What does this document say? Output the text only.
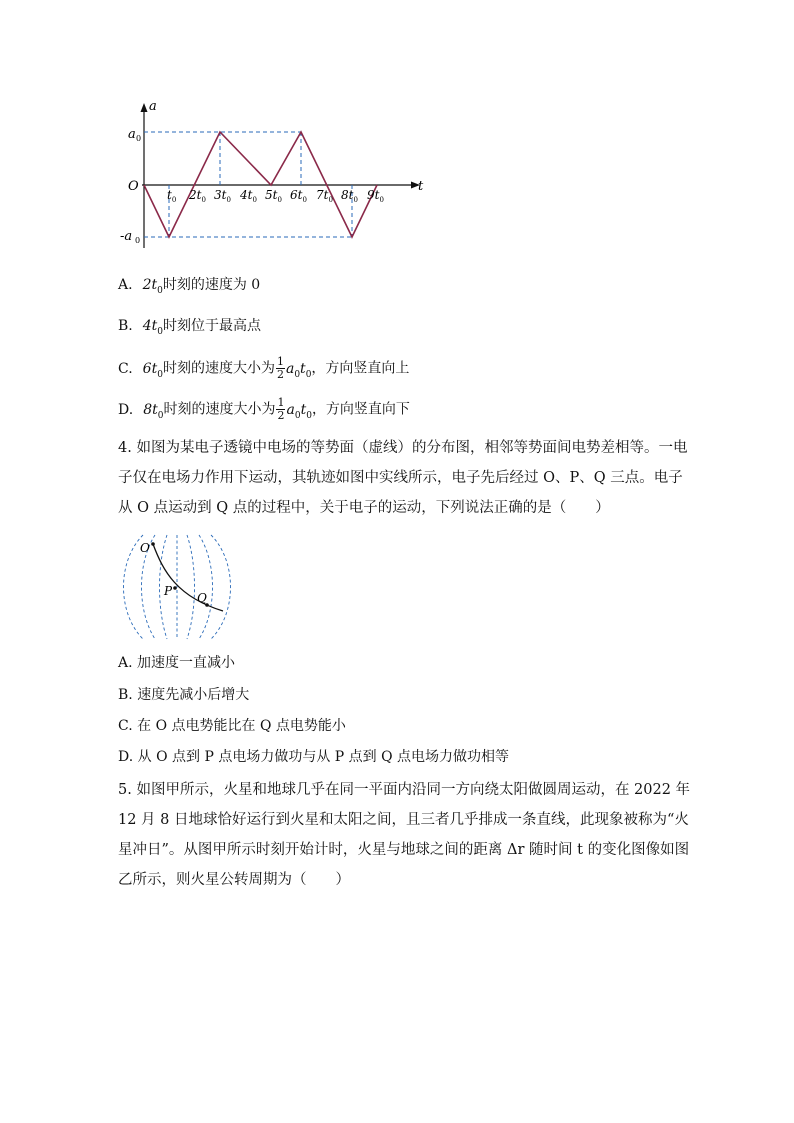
a
t
O
a 0
-a 0
$t_0$ $2t_0$ $3t_0$ $4t_0$ $5t_0$ $6t_0$ $7t_0$ $8t_0$ $9t_0$
A. $2t_0$时刻的速度为 0
B. $4t_0$时刻位于最高点
C. $6t_0$时刻的速度大小为 $\frac{1}{2} a_0t_0$，方向竖直向上
D. $8t_0$时刻的速度大小为 $\frac{1}{2} a_0t_0$，方向竖直向下
4. 如图为某电子透镜中电场的等势面（虚线）的分布图，相邻等势面间电势差相等。一电
子仅在电场力作用下运动，其轨迹如图中实线所示，电子先后经过 O、P、Q 三点。电子
从 O 点运动到 Q 点的过程中，关于电子的运动，下列说法正确的是（　　）
O
P Q
A. 加速度一直减小
B. 速度先减小后增大
C. 在 O 点电势能比在 Q 点电势能小
D. 从 O 点到 P 点电场力做功与从 P 点到 Q 点电场力做功相等
5. 如图甲所示，火星和地球几乎在同一平面内沿同一方向绕太阳做圆周运动，在 2022 年
12 月 8 日地球恰好运行到火星和太阳之间，且三者几乎排成一条直线，此现象被称为“火
星冲日”。从图甲所示时刻开始计时，火星与地球之间的距离 Δr 随时间 t 的变化图像如图
乙所示，则火星公转周期为（　　）
